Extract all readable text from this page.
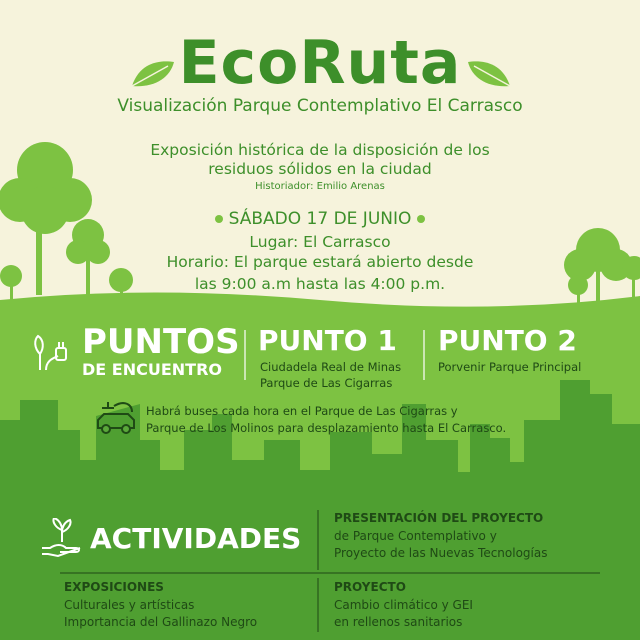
EcoRuta
Visualización Parque Contemplativo El Carrasco
Exposición histórica de la disposición de los
residuos sólidos en la ciudad
Historiador: Emilio Arenas
SÁBADO 17 DE JUNIO
Lugar: El Carrasco
Horario: El parque estará abierto desde
las 9:00 a.m hasta las 4:00 p.m.
PUNTOS
DE ENCUENTRO
PUNTO 1
Ciudadela Real de Minas
Parque de Las Cigarras
PUNTO 2
Porvenir Parque Principal
Habrá buses cada hora en el Parque de Las Cigarras y
Parque de Los Molinos para desplazamiento hasta El Carrasco.
ACTIVIDADES
PRESENTACIÓN DEL PROYECTO
de Parque Contemplativo y
Proyecto de las Nuevas Tecnologías
EXPOSICIONES
Culturales y artísticas
Importancia del Gallinazo Negro
PROYECTO
Cambio climático y GEI
en rellenos sanitarios
